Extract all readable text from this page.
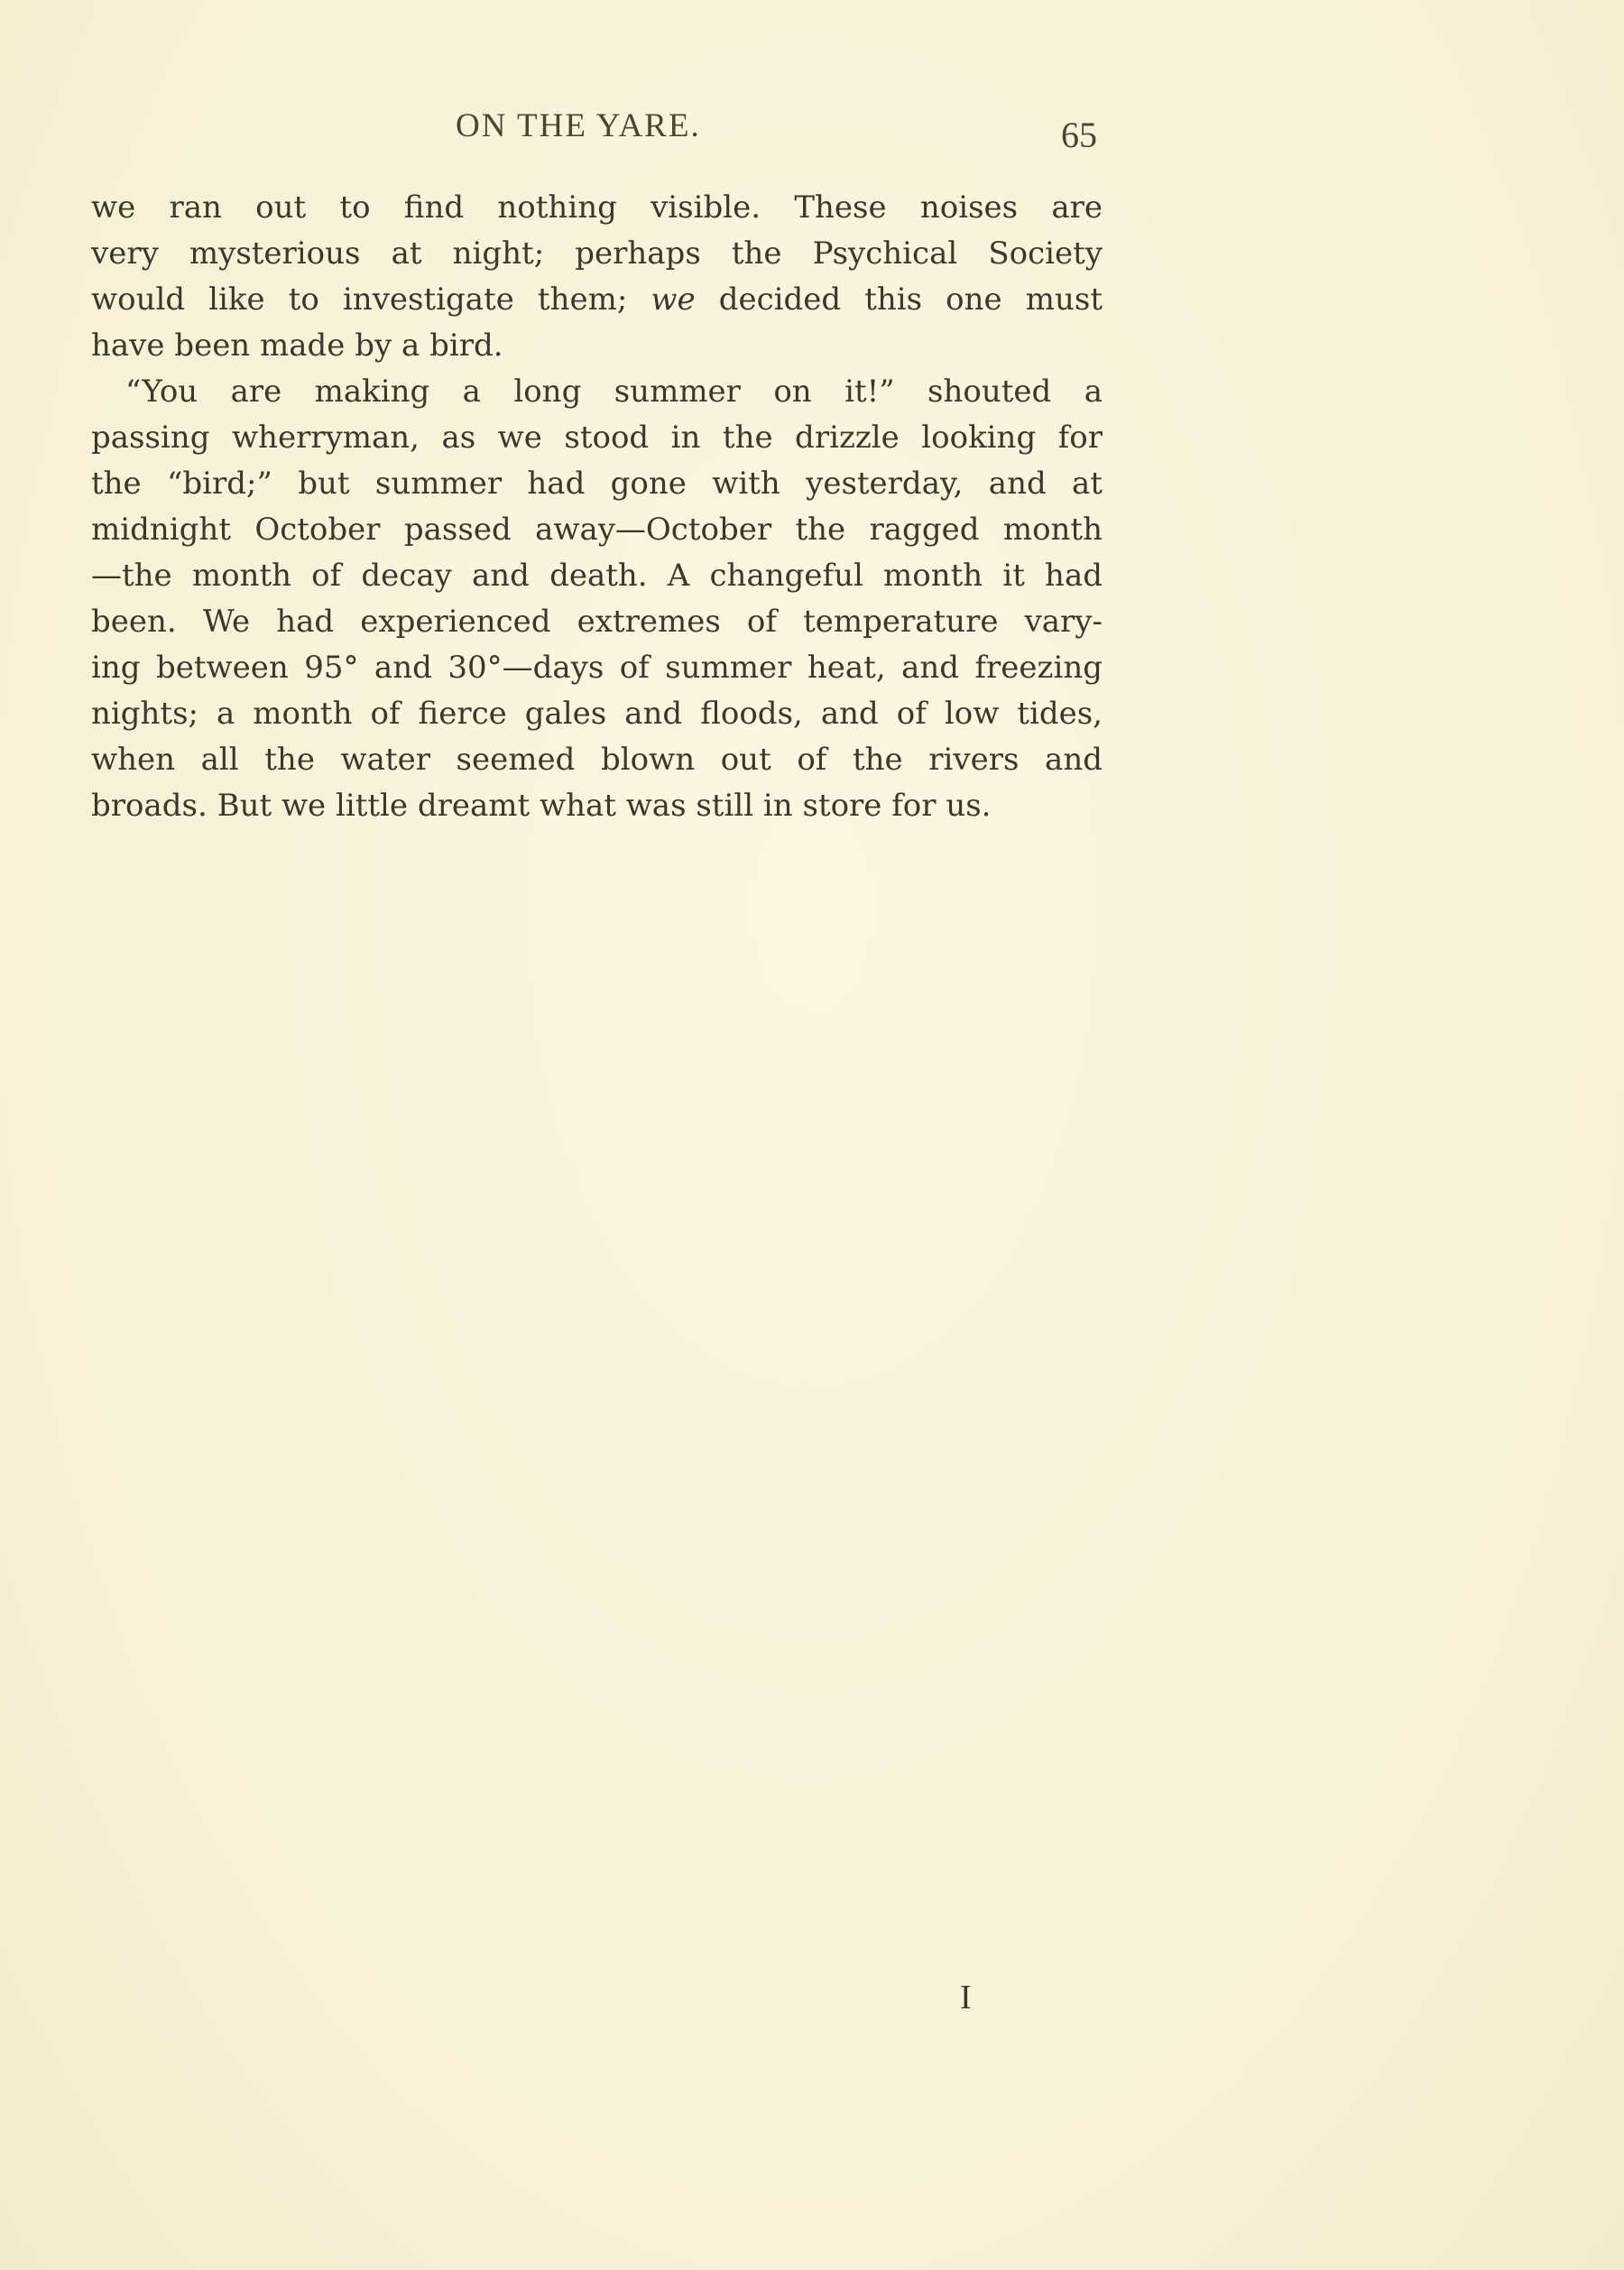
ON THE YARE.	65
we ran out to find nothing visible. These noises are
very mysterious at night; perhaps the Psychical Society
would like to investigate them; we decided this one must
have been made by a bird.
“You are making a long summer on it!” shouted a
passing wherryman, as we stood in the drizzle looking for
the “bird;” but summer had gone with yesterday, and at
midnight October passed away—October the ragged month
—the month of decay and death. A changeful month it had
been. We had experienced extremes of temperature vary-
ing between 95° and 30°—days of summer heat, and freezing
nights; a month of fierce gales and floods, and of low tides,
when all the water seemed blown out of the rivers and
broads. But we little dreamt what was still in store for us.
I
